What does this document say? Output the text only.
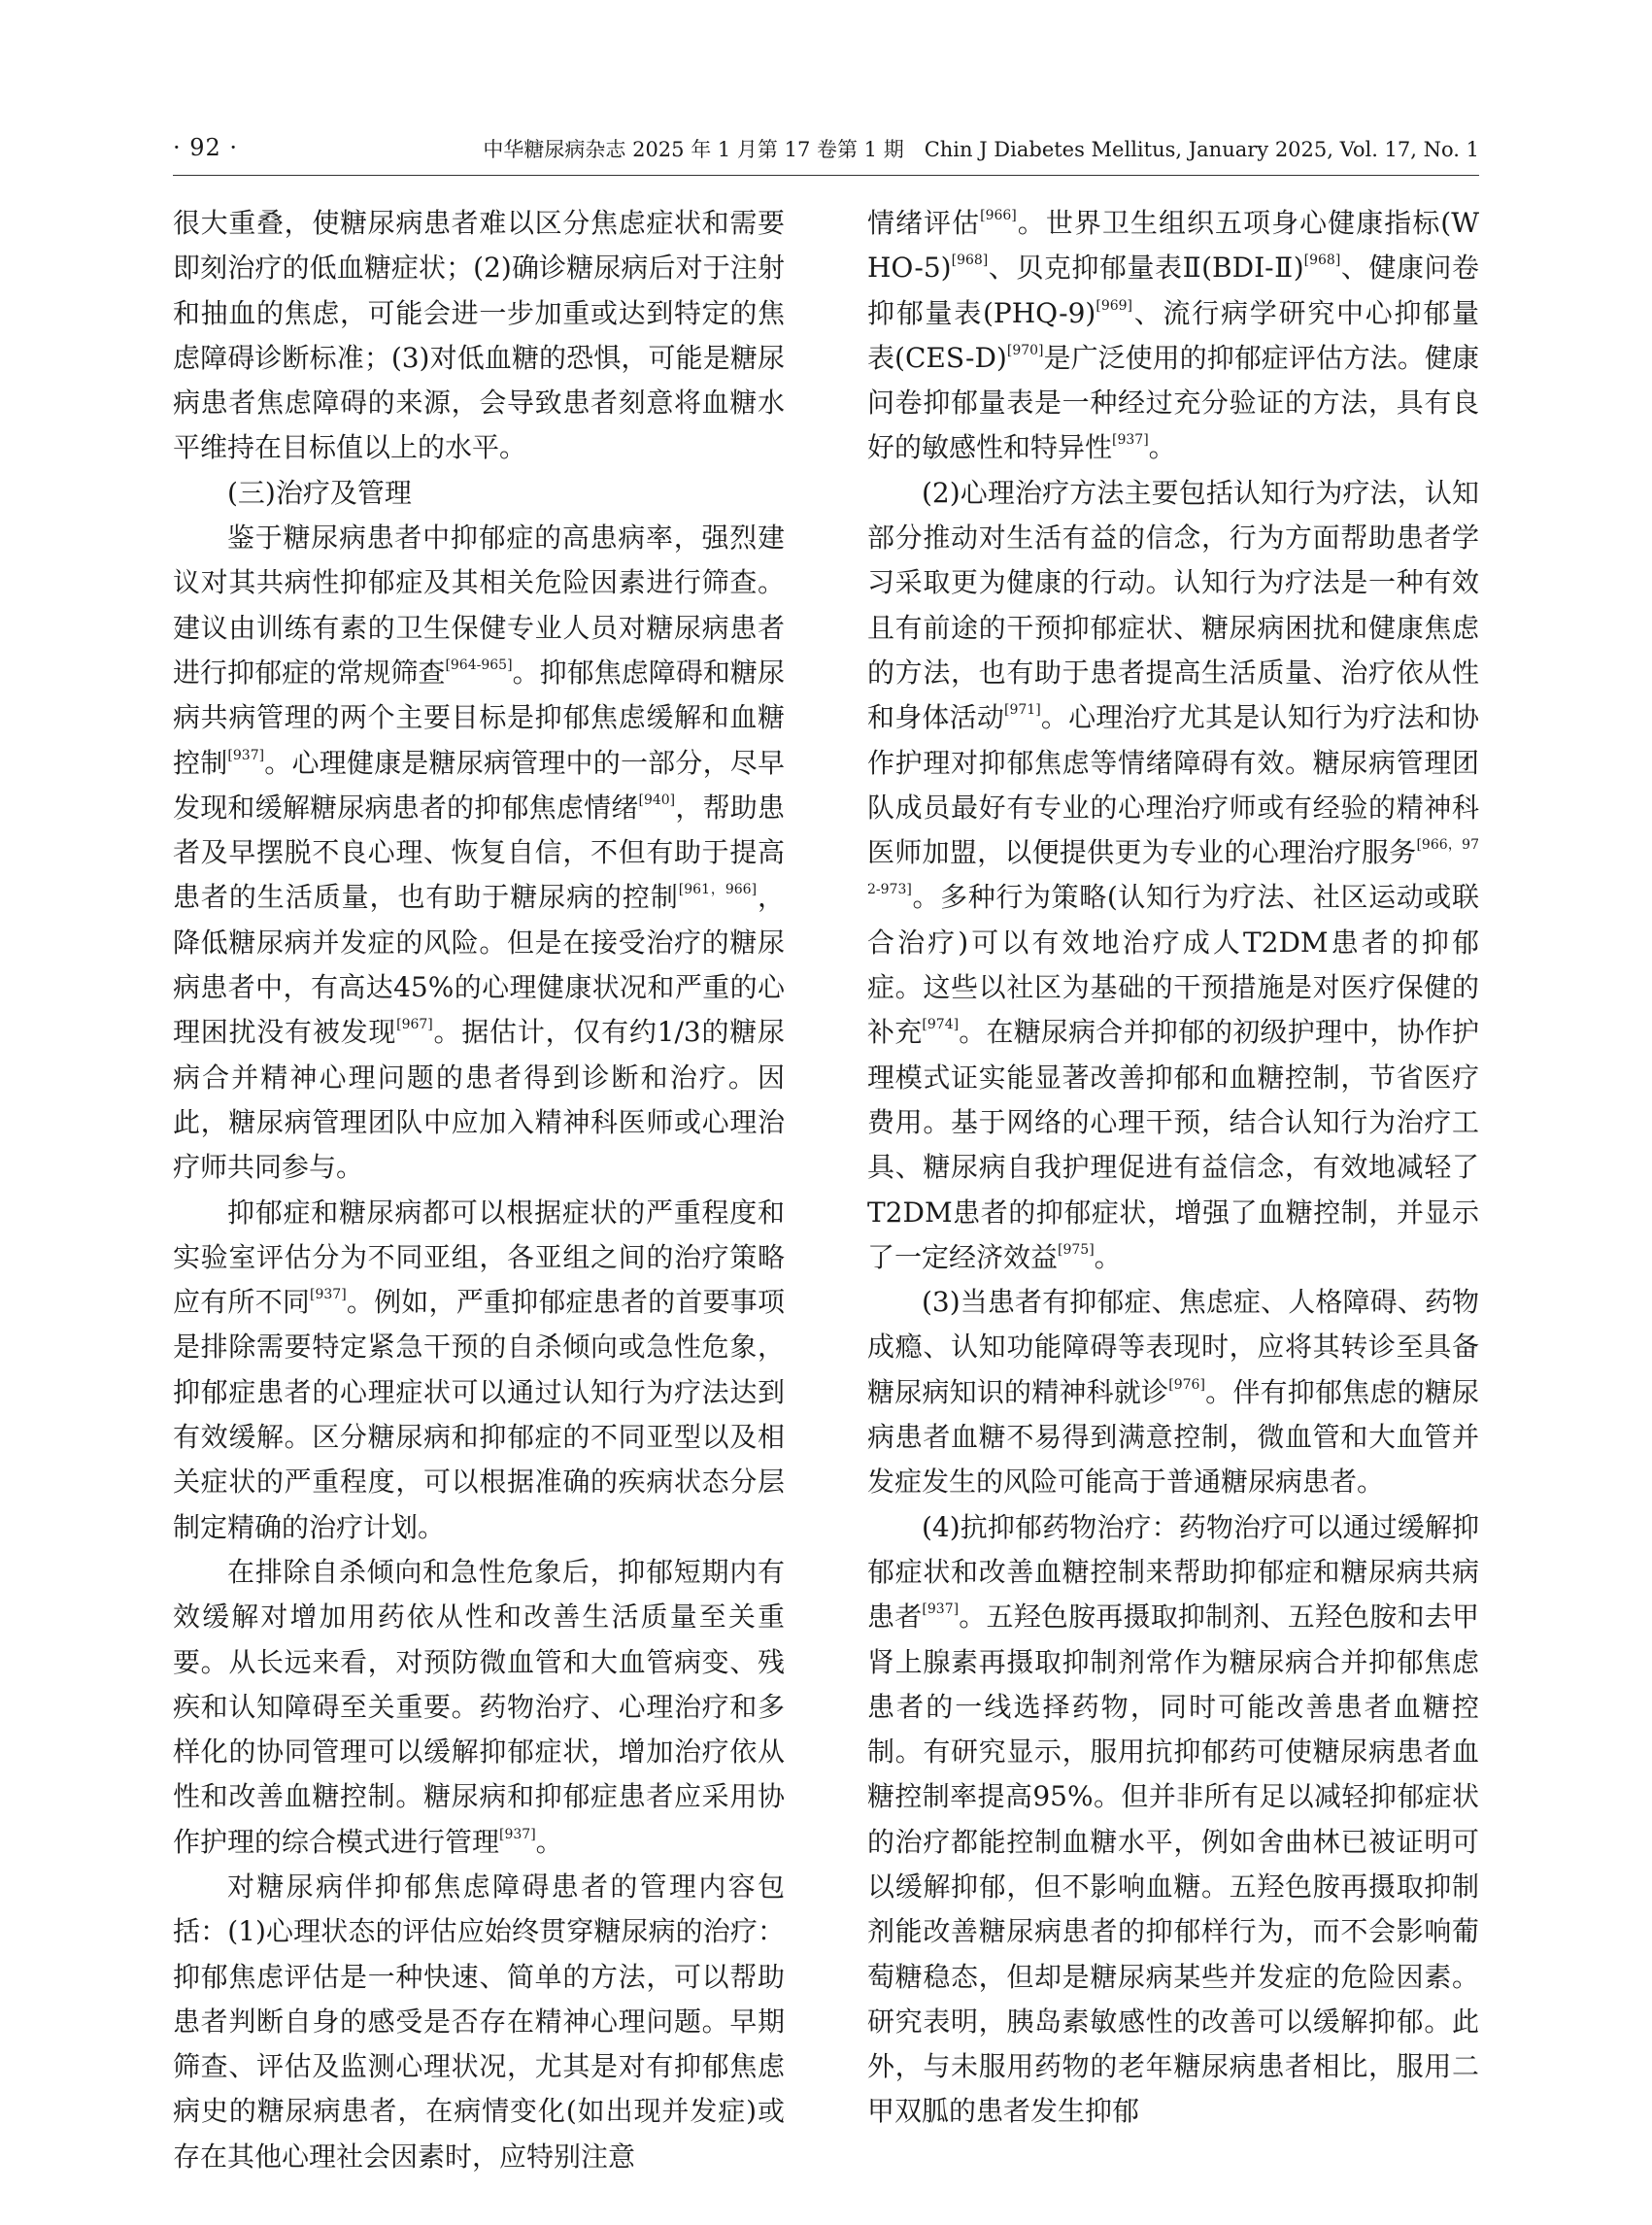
· 92 ·	中华糖尿病杂志 2025 年 1 月第 17 卷第 1 期　Chin J Diabetes Mellitus, January 2025, Vol. 17, No. 1

很大重叠，使糖尿病患者难以区分焦虑症状和需要即刻治疗的低血糖症状；(2)确诊糖尿病后对于注射和抽血的焦虑，可能会进一步加重或达到特定的焦虑障碍诊断标准；(3)对低血糖的恐惧，可能是糖尿病患者焦虑障碍的来源，会导致患者刻意将血糖水平维持在目标值以上的水平。

(三)治疗及管理

鉴于糖尿病患者中抑郁症的高患病率，强烈建议对其共病性抑郁症及其相关危险因素进行筛查。建议由训练有素的卫生保健专业人员对糖尿病患者进行抑郁症的常规筛查[964-965]。抑郁焦虑障碍和糖尿病共病管理的两个主要目标是抑郁焦虑缓解和血糖控制[937]。心理健康是糖尿病管理中的一部分，尽早发现和缓解糖尿病患者的抑郁焦虑情绪[940]，帮助患者及早摆脱不良心理、恢复自信，不但有助于提高患者的生活质量，也有助于糖尿病的控制[961，966]，降低糖尿病并发症的风险。但是在接受治疗的糖尿病患者中，有高达45%的心理健康状况和严重的心理困扰没有被发现[967]。据估计，仅有约1/3的糖尿病合并精神心理问题的患者得到诊断和治疗。因此，糖尿病管理团队中应加入精神科医师或心理治疗师共同参与。

抑郁症和糖尿病都可以根据症状的严重程度和实验室评估分为不同亚组，各亚组之间的治疗策略应有所不同[937]。例如，严重抑郁症患者的首要事项是排除需要特定紧急干预的自杀倾向或急性危象，抑郁症患者的心理症状可以通过认知行为疗法达到有效缓解。区分糖尿病和抑郁症的不同亚型以及相关症状的严重程度，可以根据准确的疾病状态分层制定精确的治疗计划。

在排除自杀倾向和急性危象后，抑郁短期内有效缓解对增加用药依从性和改善生活质量至关重要。从长远来看，对预防微血管和大血管病变、残疾和认知障碍至关重要。药物治疗、心理治疗和多样化的协同管理可以缓解抑郁症状，增加治疗依从性和改善血糖控制。糖尿病和抑郁症患者应采用协作护理的综合模式进行管理[937]。

对糖尿病伴抑郁焦虑障碍患者的管理内容包括：(1)心理状态的评估应始终贯穿糖尿病的治疗：抑郁焦虑评估是一种快速、简单的方法，可以帮助患者判断自身的感受是否存在精神心理问题。早期筛查、评估及监测心理状况，尤其是对有抑郁焦虑病史的糖尿病患者，在病情变化(如出现并发症)或存在其他心理社会因素时，应特别注意

情绪评估[966]。世界卫生组织五项身心健康指标(WHO-5)[968]、贝克抑郁量表Ⅱ(BDI-Ⅱ)[968]、健康问卷抑郁量表(PHQ-9)[969]、流行病学研究中心抑郁量表(CES-D)[970]是广泛使用的抑郁症评估方法。健康问卷抑郁量表是一种经过充分验证的方法，具有良好的敏感性和特异性[937]。

(2)心理治疗方法主要包括认知行为疗法，认知部分推动对生活有益的信念，行为方面帮助患者学习采取更为健康的行动。认知行为疗法是一种有效且有前途的干预抑郁症状、糖尿病困扰和健康焦虑的方法，也有助于患者提高生活质量、治疗依从性和身体活动[971]。心理治疗尤其是认知行为疗法和协作护理对抑郁焦虑等情绪障碍有效。糖尿病管理团队成员最好有专业的心理治疗师或有经验的精神科医师加盟，以便提供更为专业的心理治疗服务[966，972-973]。多种行为策略(认知行为疗法、社区运动或联合治疗)可以有效地治疗成人T2DM患者的抑郁症。这些以社区为基础的干预措施是对医疗保健的补充[974]。在糖尿病合并抑郁的初级护理中，协作护理模式证实能显著改善抑郁和血糖控制，节省医疗费用。基于网络的心理干预，结合认知行为治疗工具、糖尿病自我护理促进有益信念，有效地减轻了T2DM患者的抑郁症状，增强了血糖控制，并显示了一定经济效益[975]。

(3)当患者有抑郁症、焦虑症、人格障碍、药物成瘾、认知功能障碍等表现时，应将其转诊至具备糖尿病知识的精神科就诊[976]。伴有抑郁焦虑的糖尿病患者血糖不易得到满意控制，微血管和大血管并发症发生的风险可能高于普通糖尿病患者。

(4)抗抑郁药物治疗：药物治疗可以通过缓解抑郁症状和改善血糖控制来帮助抑郁症和糖尿病共病患者[937]。五羟色胺再摄取抑制剂、五羟色胺和去甲肾上腺素再摄取抑制剂常作为糖尿病合并抑郁焦虑患者的一线选择药物，同时可能改善患者血糖控制。有研究显示，服用抗抑郁药可使糖尿病患者血糖控制率提高95%。但并非所有足以减轻抑郁症状的治疗都能控制血糖水平，例如舍曲林已被证明可以缓解抑郁，但不影响血糖。五羟色胺再摄取抑制剂能改善糖尿病患者的抑郁样行为，而不会影响葡萄糖稳态，但却是糖尿病某些并发症的危险因素。研究表明，胰岛素敏感性的改善可以缓解抑郁。此外，与未服用药物的老年糖尿病患者相比，服用二甲双胍的患者发生抑郁
